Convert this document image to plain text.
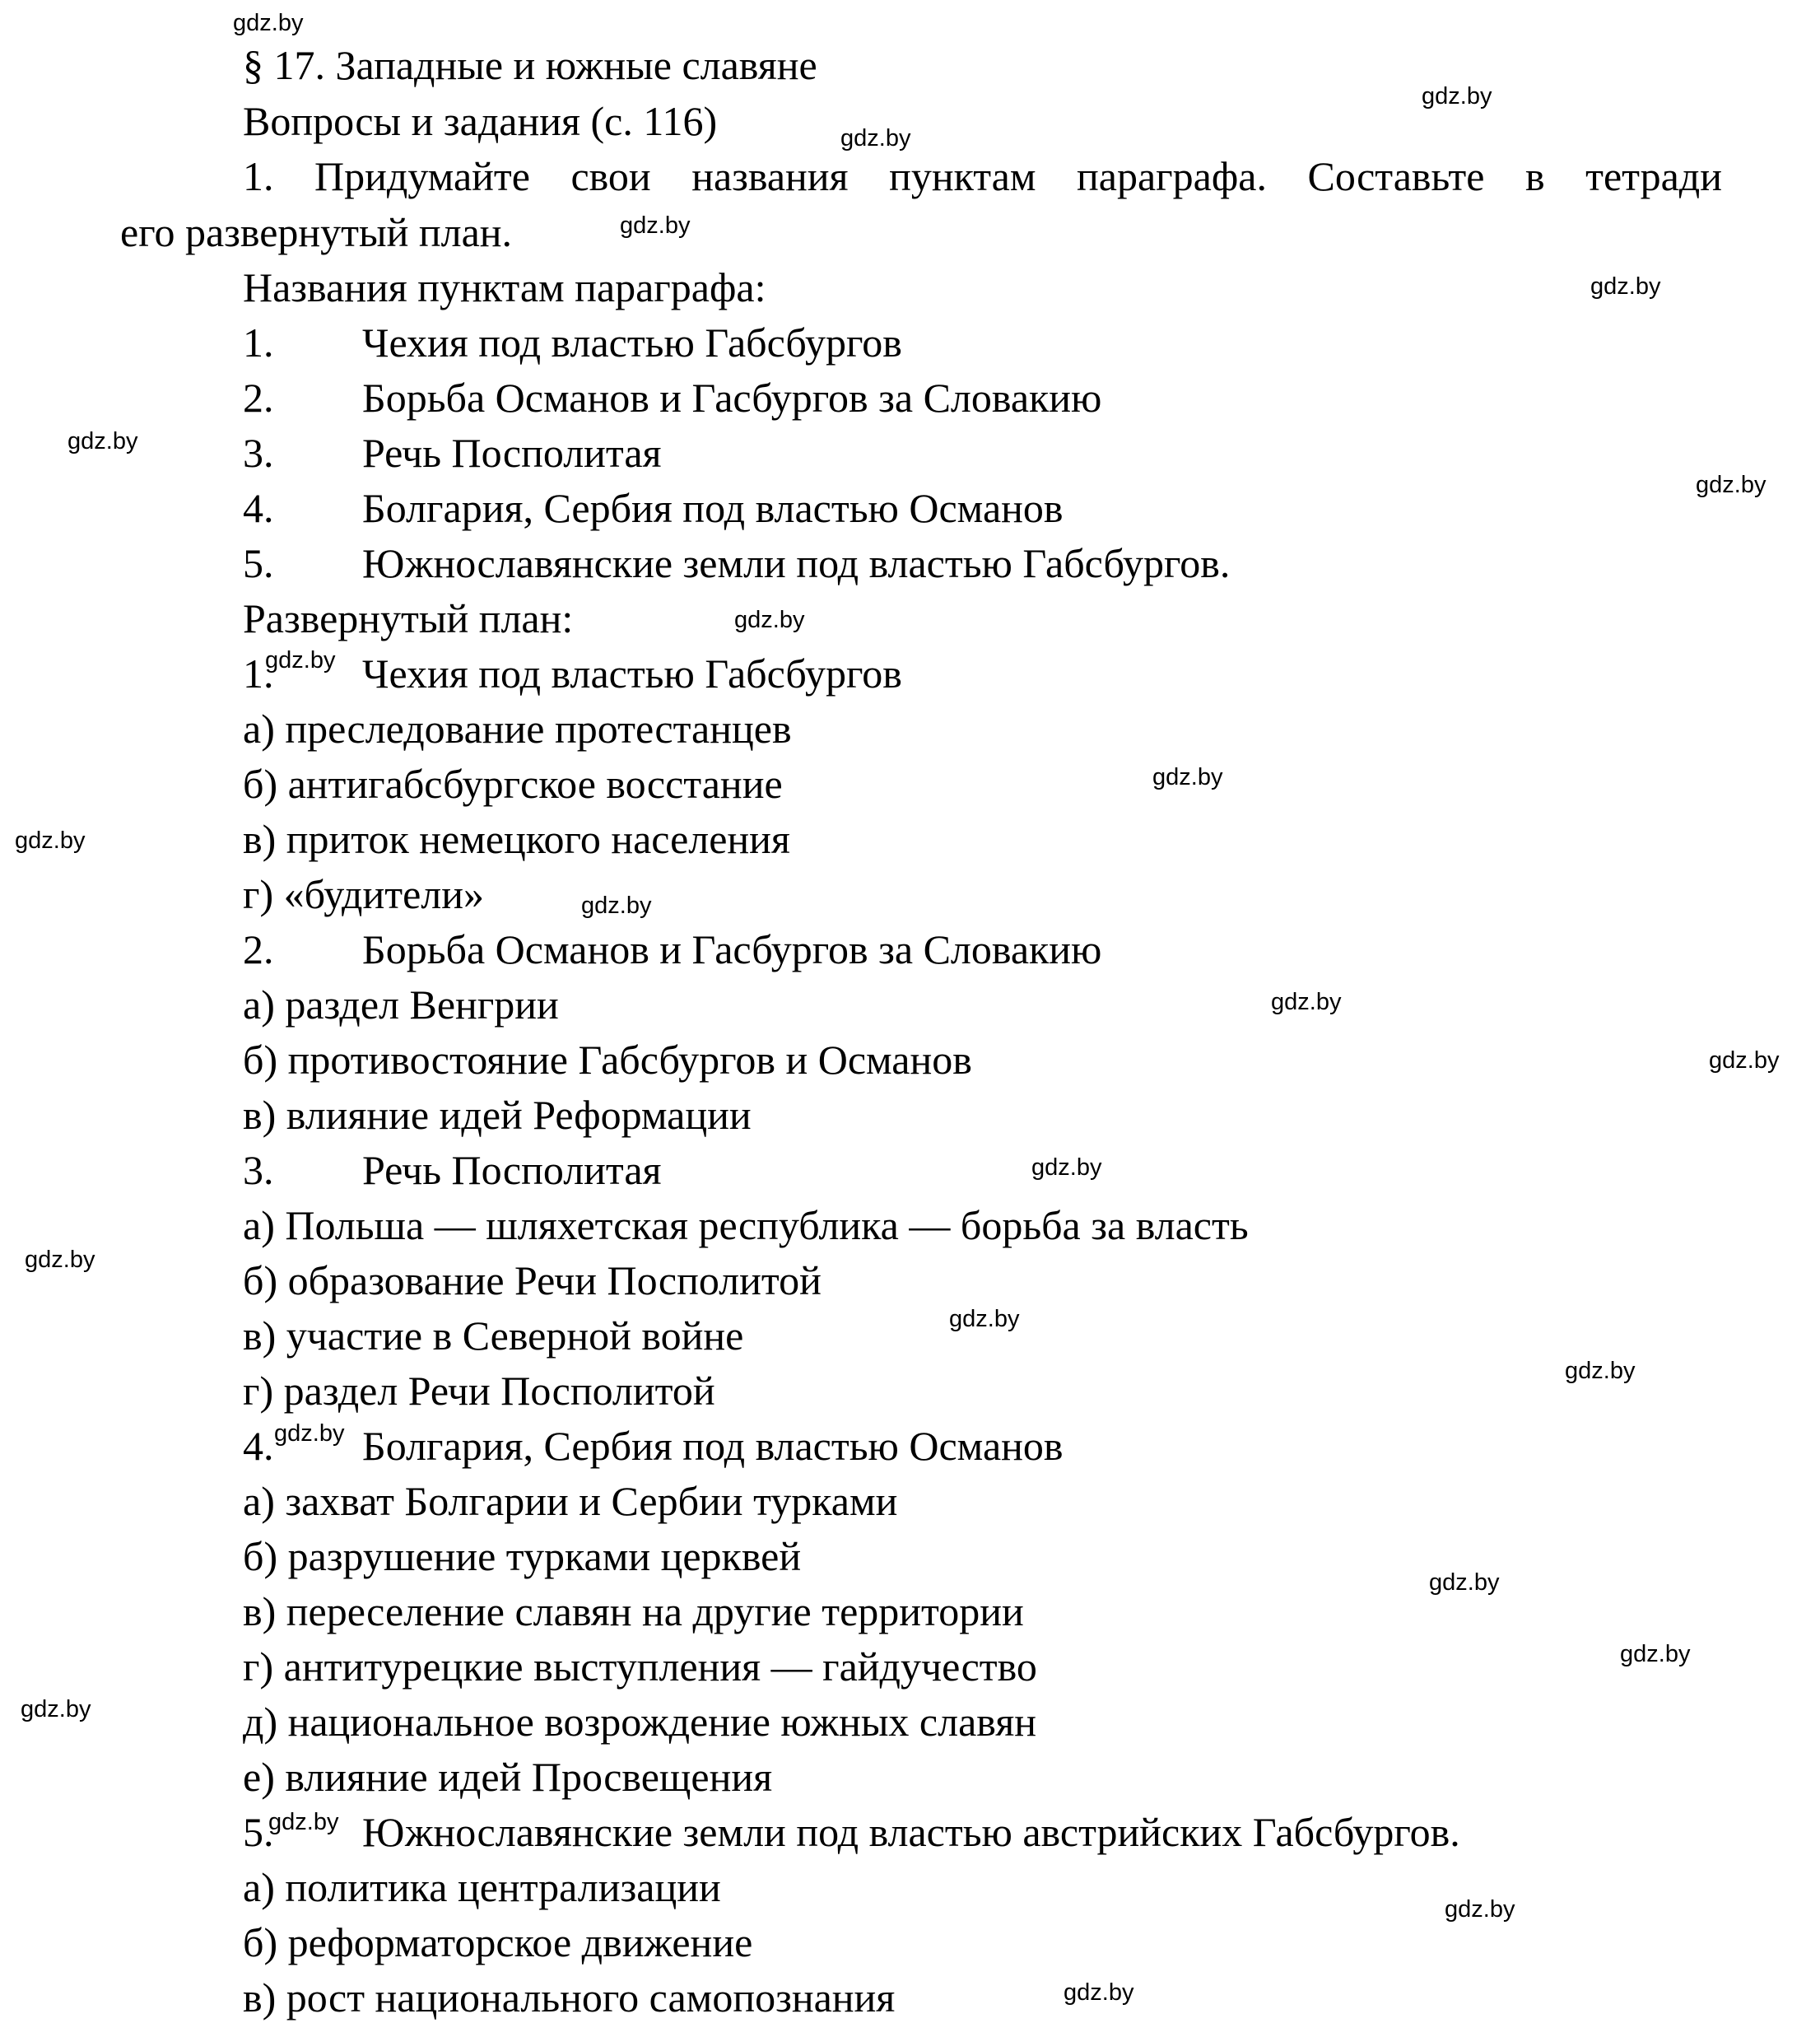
§ 17. Западные и южные славяне
Вопросы и задания (с. 116)
1. Придумайте свои названия пунктам параграфа. Составьте в тетради
его развернутый план.
Названия пунктам параграфа:
1. Чехия под властью Габсбургов
2. Борьба Османов и Гасбургов за Словакию
3. Речь Посполитая
4. Болгария, Сербия под властью Османов
5. Южнославянские земли под властью Габсбургов.
Развернутый план:
1. Чехия под властью Габсбургов
а) преследование протестанцев
б) антигабсбургское восстание
в) приток немецкого населения
г) «будители»
2. Борьба Османов и Гасбургов за Словакию
а) раздел Венгрии
б) противостояние Габсбургов и Османов
в) влияние идей Реформации
3. Речь Посполитая
а) Польша — шляхетская республика — борьба за власть
б) образование Речи Посполитой
в) участие в Северной войне
г) раздел Речи Посполитой
4. Болгария, Сербия под властью Османов
а) захват Болгарии и Сербии турками
б) разрушение турками церквей
в) переселение славян на другие территории
г) антитурецкие выступления — гайдучество
д) национальное возрождение южных славян
е) влияние идей Просвещения
5. Южнославянские земли под властью австрийских Габсбургов.
а) политика централизации
б) реформаторское движение
в) рост национального самопознания
gdz.by
gdz.by
gdz.by
gdz.by
gdz.by
gdz.by
gdz.by
gdz.by
gdz.by
gdz.by
gdz.by
gdz.by
gdz.by
gdz.by
gdz.by
gdz.by
gdz.by
gdz.by
gdz.by
gdz.by
gdz.by
gdz.by
gdz.by
gdz.by
gdz.by
